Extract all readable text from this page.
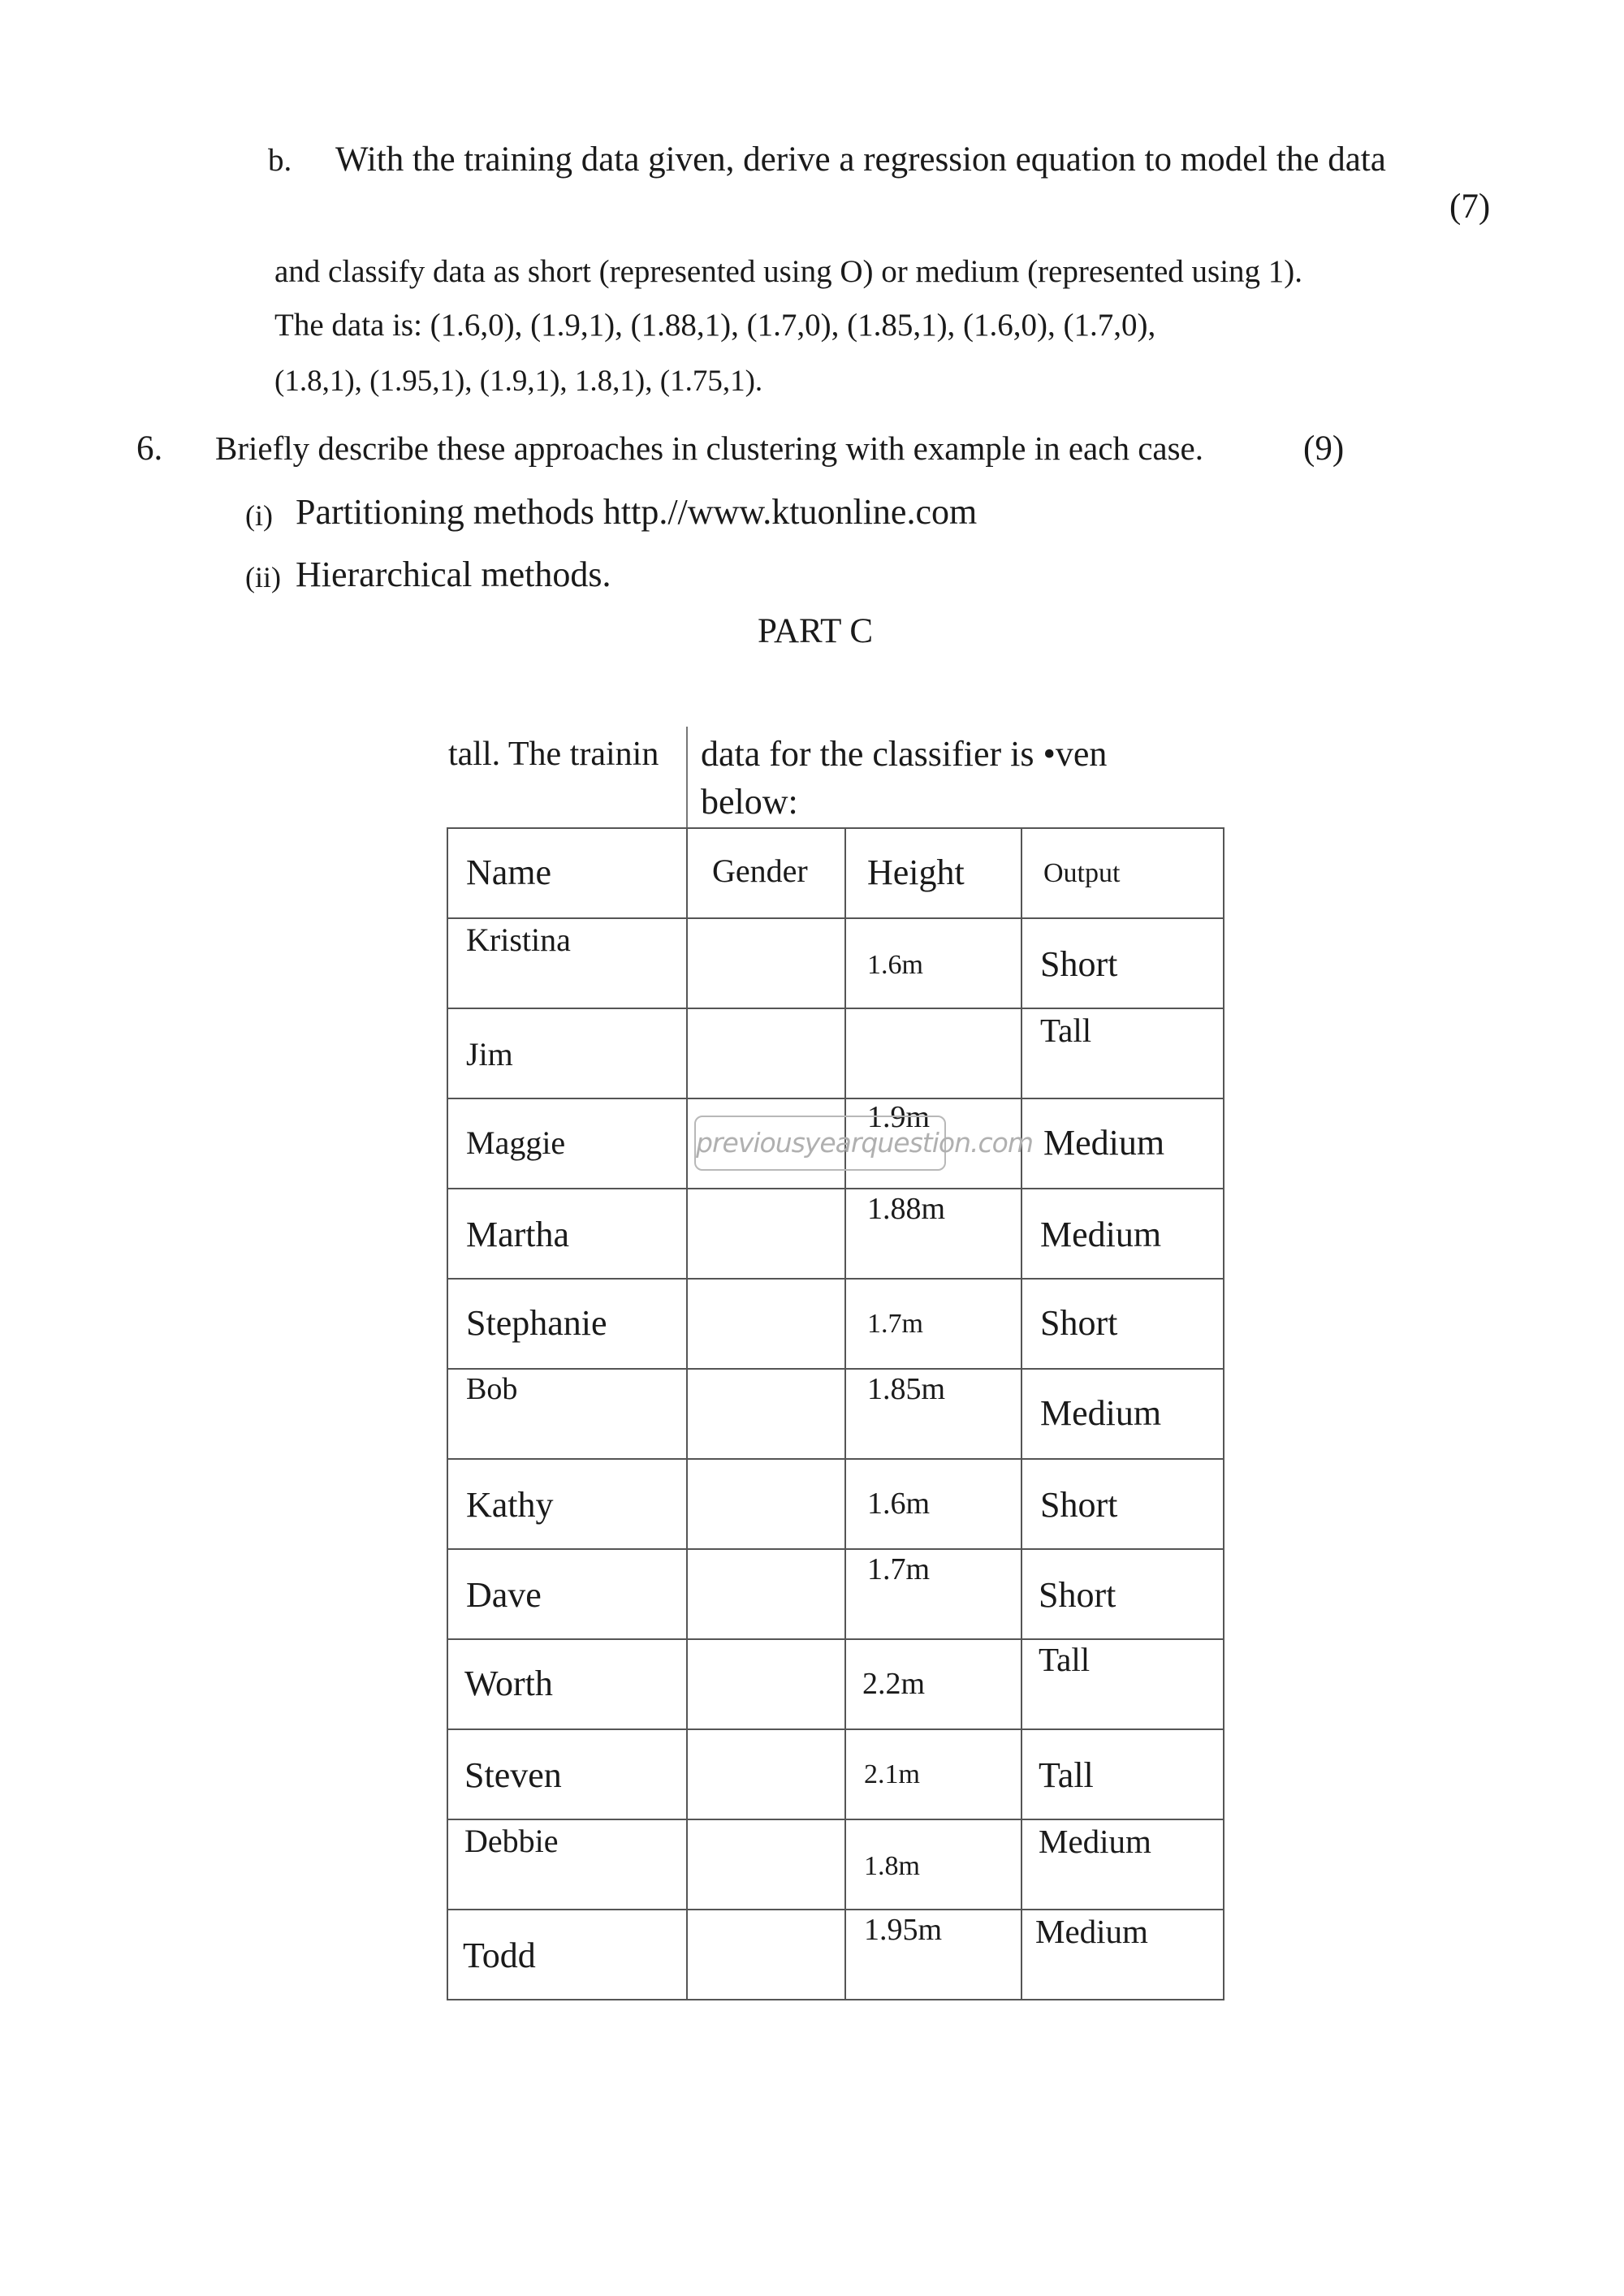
b. With the training data given, derive a regression equation to model the data
(7)
and classify data as short (represented using O) or medium (represented using 1).
The data is: (1.6,0), (1.9,1), (1.88,1), (1.7,0), (1.85,1), (1.6,0), (1.7,0),
(1.8,1), (1.95,1), (1.9,1), 1.8,1), (1.75,1).
6. Briefly describe these approaches in clustering with example in each case.	(9)
(i) Partitioning methods http.//www.ktuonline.com
(ii) Hierarchical methods.
PART C
tall. The trainin data for the classifier is •ven
below:
Name	Gender	Height	Output

Kristina		1.6m	Short

Jim			Tall

Maggie		1.9m	Medium

Martha		1.88m	Medium

Stephanie		1.7m	Short

Bob		1.85m	Medium

Kathy		1.6m	Short

Dave		1.7m	Short

Worth		2.2m	Tall

Steven		2.1m	Tall

Debbie		1.8m	Medium

Todd		1.95m	Medium
previousyearquestion.com
